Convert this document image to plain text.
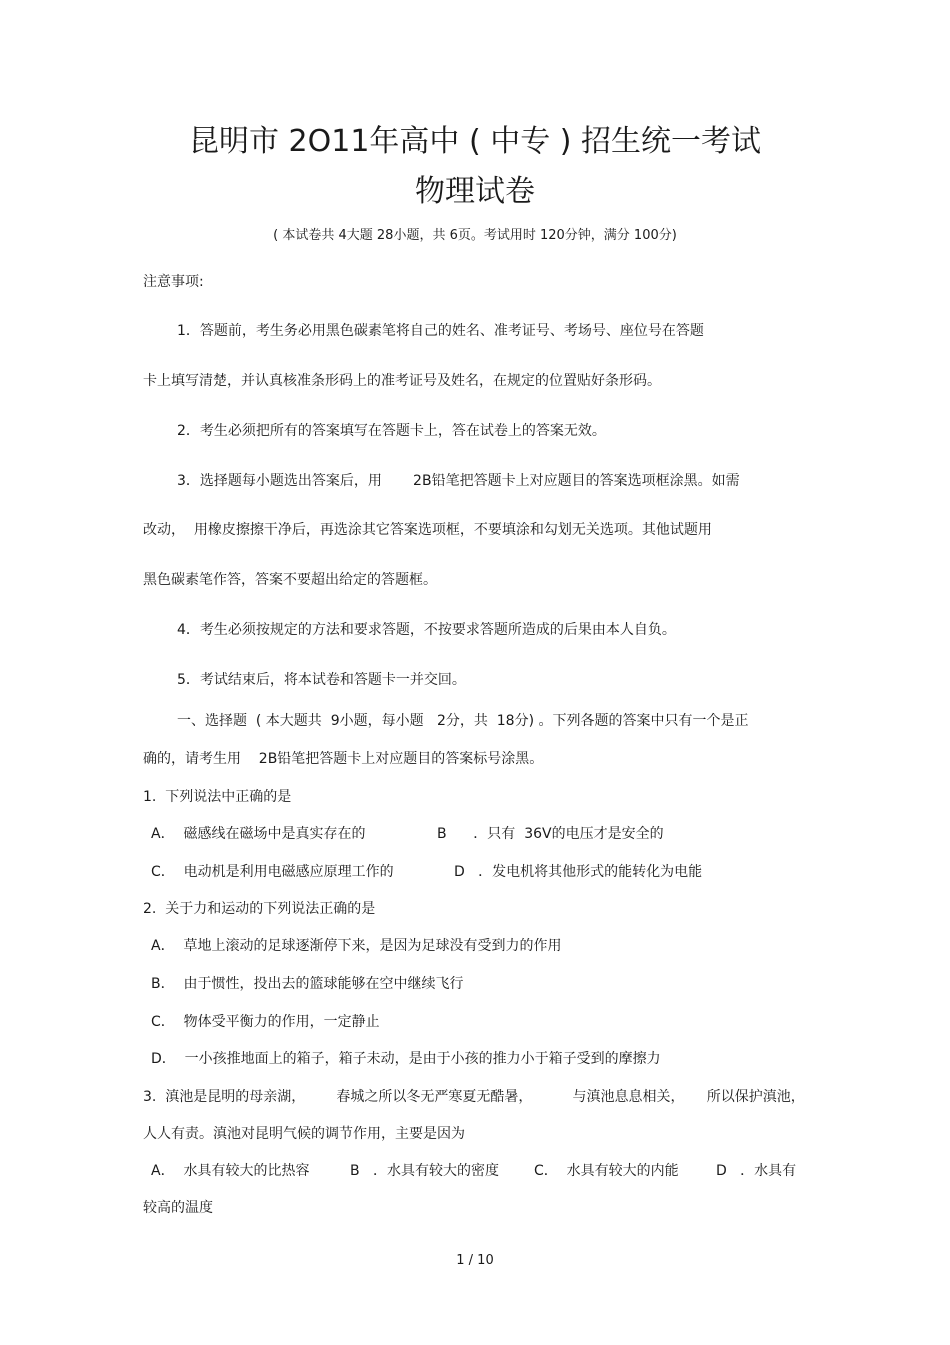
昆明市 2O11年高中 ( 中专 ) 招生统一考试
物理试卷
( 本试卷共 4大题 28小题，共 6页。考试用时 120分钟，满分 100分)
注意事项:
1．答题前，考生务必用黑色碳素笔将自己的姓名、准考证号、考场号、座位号在答题
卡上填写清楚，并认真核准条形码上的准考证号及姓名，在规定的位置贴好条形码。
2．考生必须把所有的答案填写在答题卡上，答在试卷上的答案无效。
3．选择题每小题选出答案后，用       2B铅笔把答题卡上对应题目的答案选项框涂黑。如需
改动，  用橡皮擦擦干净后，再选涂其它答案选项框，不要填涂和勾划无关选项。其他试题用
黑色碳素笔作答，答案不要超出给定的答题框。
4．考生必须按规定的方法和要求答题，不按要求答题所造成的后果由本人自负。
5．考试结束后，将本试卷和答题卡一并交回。
一、选择题  ( 本大题共  9小题，每小题   2分，共  18分) 。下列各题的答案中只有一个是正
确的，请考生用    2B铅笔把答题卡上对应题目的答案标号涂黑。
1.  下列说法中正确的是
A．  磁感线在磁场中是真实存在的	B      ．只有  36V的电压才是安全的
C．  电动机是利用电磁感应原理工作的	D   ．发电机将其他形式的能转化为电能
2.  关于力和运动的下列说法正确的是
A．  草地上滚动的足球逐渐停下来，是因为足球没有受到力的作用
B．  由于惯性，投出去的篮球能够在空中继续飞行
C．  物体受平衡力的作用，一定静止
D．  一小孩推地面上的箱子，箱子未动，是由于小孩的推力小于箱子受到的摩擦力
3.  滇池是昆明的母亲湖，       春城之所以冬无严寒夏无酷暑，         与滇池息息相关，     所以保护滇池，
人人有责。滇池对昆明气候的调节作用，主要是因为
A．  水具有较大的比热容	B   ．水具有较大的密度	C．  水具有较大的内能	D   ．水具有
较高的温度
1 / 10
